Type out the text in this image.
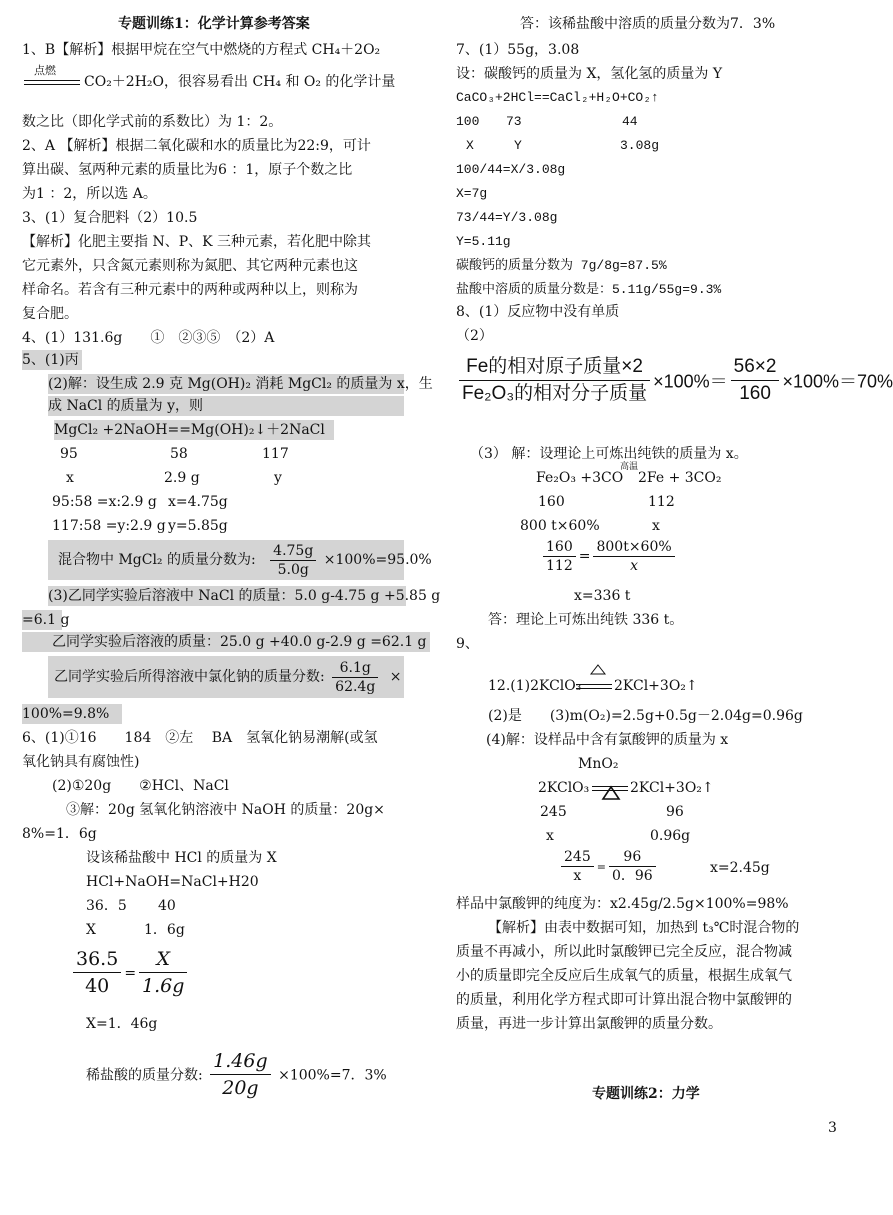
专题训练1：化学计算参考答案
1、B【解析】根据甲烷在空气中燃烧的方程式 CH₄＋2O₂
点燃
CO₂＋2H₂O，很容易看出 CH₄ 和 O₂ 的化学计量
数之比（即化学式前的系数比）为 1：2。
2、A 【解析】根据二氧化碳和水的质量比为22:9，可计
算出碳、氢两种元素的质量比为6 ：1，原子个数之比
为1 ：2，所以选 A。
3、(1）复合肥料（2）10.5
【解析】化肥主要指 N、P、K 三种元素，若化肥中除其
它元素外，只含氮元素则称为氮肥、其它两种元素也这
样命名。若含有三种元素中的两种或两种以上，则称为
复合肥。
4、(1）131.6g　　①　②③⑤　（2）A
5、(1)丙
(2)解：设生成 2.9 克 Mg(OH)₂ 消耗 MgCl₂ 的质量为 x，生
成 NaCl 的质量为 y，则
MgCl₂ +2NaOH==Mg(OH)₂↓＋2NaCl
95	58	117
x	2.9 g	y
95:58 =x:2.9 g x=4.75g
117:58 =y:2.9 g y=5.85g
混合物中 MgCl₂ 的质量分数为: $\frac{4.75g}{5.0g} \times 100\%=95.0\%$
(3)乙同学实验后溶液中 NaCl 的质量：5.0 g-4.75 g +5.85 g
=6.1 g
乙同学实验后溶液的质量：25.0 g +40.0 g-2.9 g =62.1 g
乙同学实验后所得溶液中氯化钠的质量分数: $\frac{6.1g}{62.4g}$ ×
100%=9.8%
6、(1)①16　　184　②左　 BA　氢氧化钠易潮解(或氢
氧化钠具有腐蚀性)
(2)①20g　　②HCl、NaCl
③解：20g 氢氧化钠溶液中 NaOH 的质量：20g×
8%=1．6g
设该稀盐酸中 HCl 的质量为 X
HCl+NaOH=NaCl+H20
36．5 40
X	1．6g
$\frac{36.5}{40} = \frac{X}{1.6g}$
X=1．46g
稀盐酸的质量分数: $\frac{1.46g}{20g} \times 100\%=7$．3%
答：该稀盐酸中溶质的质量分数为7．3%
7、(1）55g，3.08
设：碳酸钙的质量为 X，氢化氢的质量为 Y
CaCO₃+2HCl==CaCl₂+H₂O+CO₂↑
100 73	44
X	Y	3.08g
100/44=X/3.08g
X=7g
73/44=Y/3.08g
Y=5.11g
碳酸钙的质量分数为 7g/8g=87.5%
盐酸中溶质的质量分数是：5.11g/55g=9.3%
8、(1）反应物中没有单质
（2）
$\frac{\text{Fe的相对原子质量×2}}{\text{Fe₂O₃的相对分子质量}} \times 100\%= \frac{56\times 2}{160} \times 100\%=70\%$
（3） 解：设理论上可炼出纯铁的质量为 x。
Fe₂O₃ +3CO
高温
2Fe + 3CO₂
160	112
800 t×60%	x
$\frac{160}{112} = \frac{800t\times 60\%}{x}$
x=336 t
答：理论上可炼出纯铁 336 t。
9、
12.(1)2KClO₃ 2KCl+3O₂↑
(2)是　　(3)m(O₂)=2.5g+0.5g－2.04g=0.96g
(4)解：设样品中含有氯酸钾的质量为 x
MnO₂
2KClO₃	2KCl+3O₂↑
245	96
x	0.96g
$\frac{245}{x} = \frac{96}{0.96}$	x=2.45g
样品中氯酸钾的纯度为：x2.45g/2.5g×100%=98%
【解析】由表中数据可知，加热到 t₃℃时混合物的
质量不再减小，所以此时氯酸钾已完全反应，混合物减
小的质量即完全反应后生成氧气的质量，根据生成氧气
的质量，利用化学方程式即可计算出混合物中氯酸钾的
质量，再进一步计算出氯酸钾的质量分数。
专题训练2：力学
3
